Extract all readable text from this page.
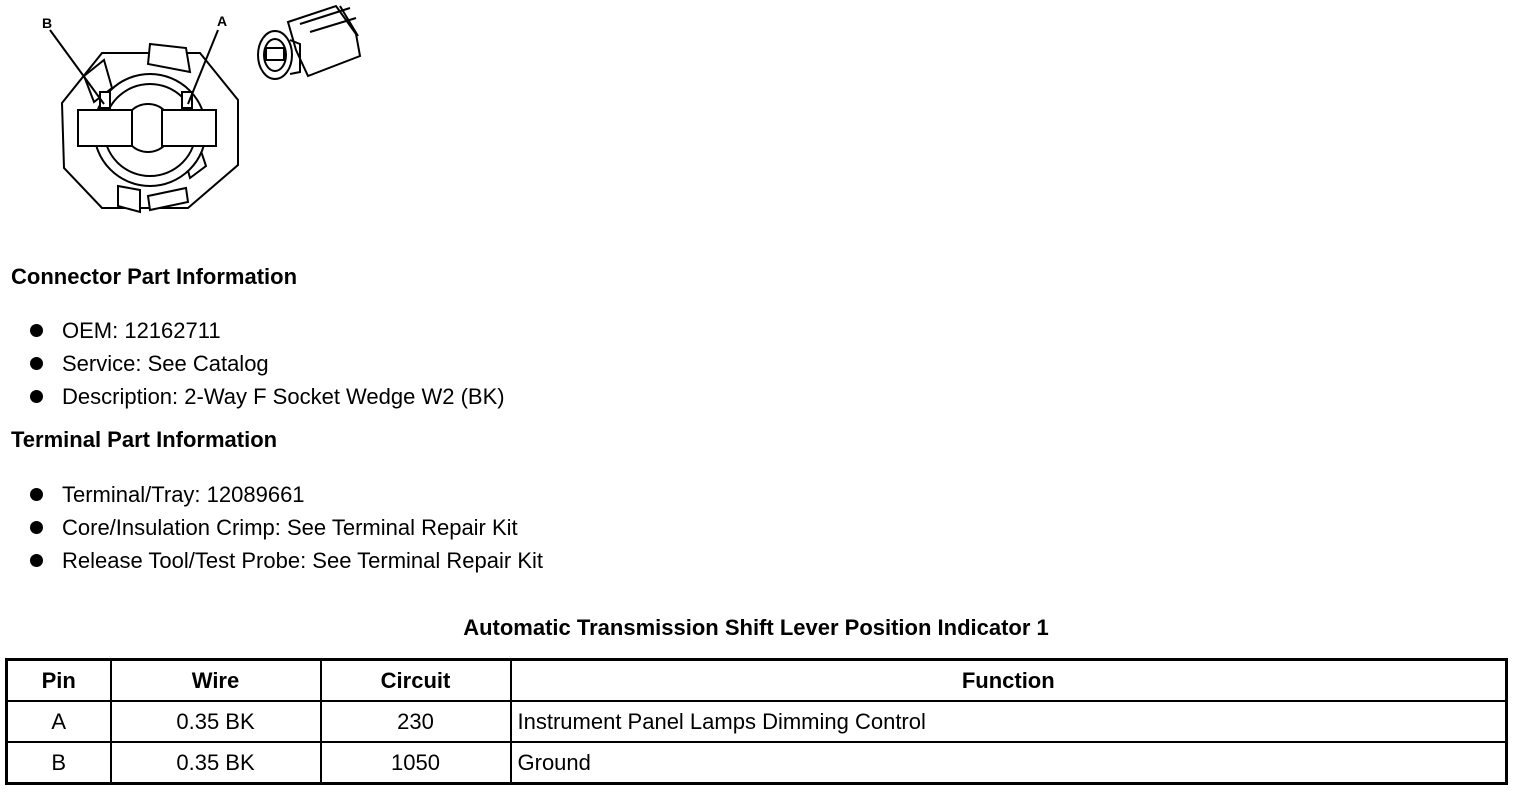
B	A
Connector Part Information
OEM: 12162711
Service: See Catalog
Description: 2-Way F Socket Wedge W2 (BK)
Terminal Part Information
Terminal/Tray: 12089661
Core/Insulation Crimp: See Terminal Repair Kit
Release Tool/Test Probe: See Terminal Repair Kit
Automatic Transmission Shift Lever Position Indicator 1
Pin	Wire	Circuit	Function
A	0.35 BK	230	Instrument Panel Lamps Dimming Control
B	0.35 BK	1050	Ground
